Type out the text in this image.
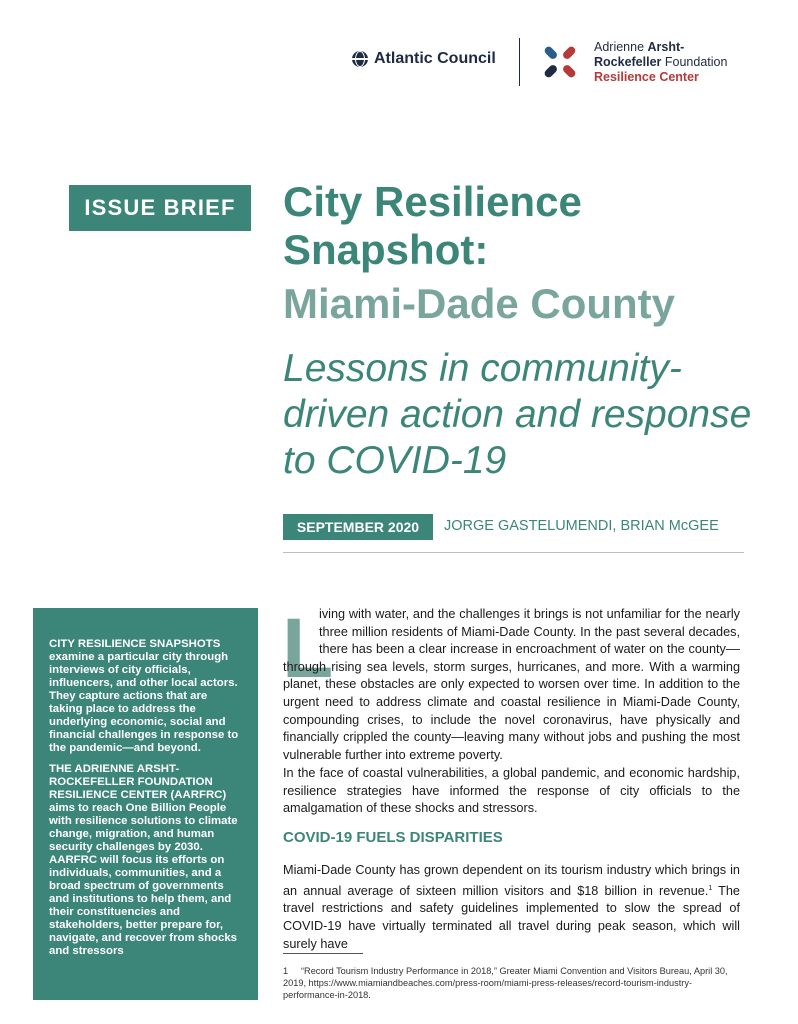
Atlantic Council
Adrienne Arsht-
Rockefeller Foundation
Resilience Center
ISSUE BRIEF	City Resilience Snapshot:
Miami-Dade County
Lessons in community-driven action and response to COVID-19
SEPTEMBER 2020	JORGE GASTELUMENDI, BRIAN McGEE

CITY RESILIENCE SNAPSHOTS examine a particular city through interviews of city officials, influencers, and other local actors. They capture actions that are taking place to address the underlying economic, social and financial challenges in response to the pandemic—and beyond.

THE ADRIENNE ARSHT-ROCKEFELLER FOUNDATION RESILIENCE CENTER (AARFRC) aims to reach One Billion People with resilience solutions to climate change, migration, and human security challenges by 2030. AARFRC will focus its efforts on individuals, communities, and a broad spectrum of governments and institutions to help them, and their constituencies and stakeholders, better prepare for, navigate, and recover from shocks and stressors

L
iving with water, and the challenges it brings is not unfamiliar for the nearly three million residents of Miami-Dade County. In the past several decades, there has been a clear increase in encroachment of water on the county––through rising sea levels, storm surges, hurricanes, and more. With a warming planet, these obstacles are only expected to worsen over time. In addition to the urgent need to address climate and coastal resilience in Miami-Dade County, compounding crises, to include the novel coronavirus, have physically and financially crippled the county—leaving many without jobs and pushing the most vulnerable further into extreme poverty.
In the face of coastal vulnerabilities, a global pandemic, and economic hardship, resilience strategies have informed the response of city officials to the amalgamation of these shocks and stressors.
COVID-19 FUELS DISPARITIES
Miami-Dade County has grown dependent on its tourism industry which brings in an annual average of sixteen million visitors and $18 billion in revenue.$^1$ The travel restrictions and safety guidelines implemented to slow the spread of COVID-19 have virtually terminated all travel during peak season, which will surely have
1 “Record Tourism Industry Performance in 2018,” Greater Miami Convention and Visitors Bureau, April 30, 2019, https://www.miamiandbeaches.com/press-room/miami-press-releases/record-tourism-industry-performance-in-2018.
